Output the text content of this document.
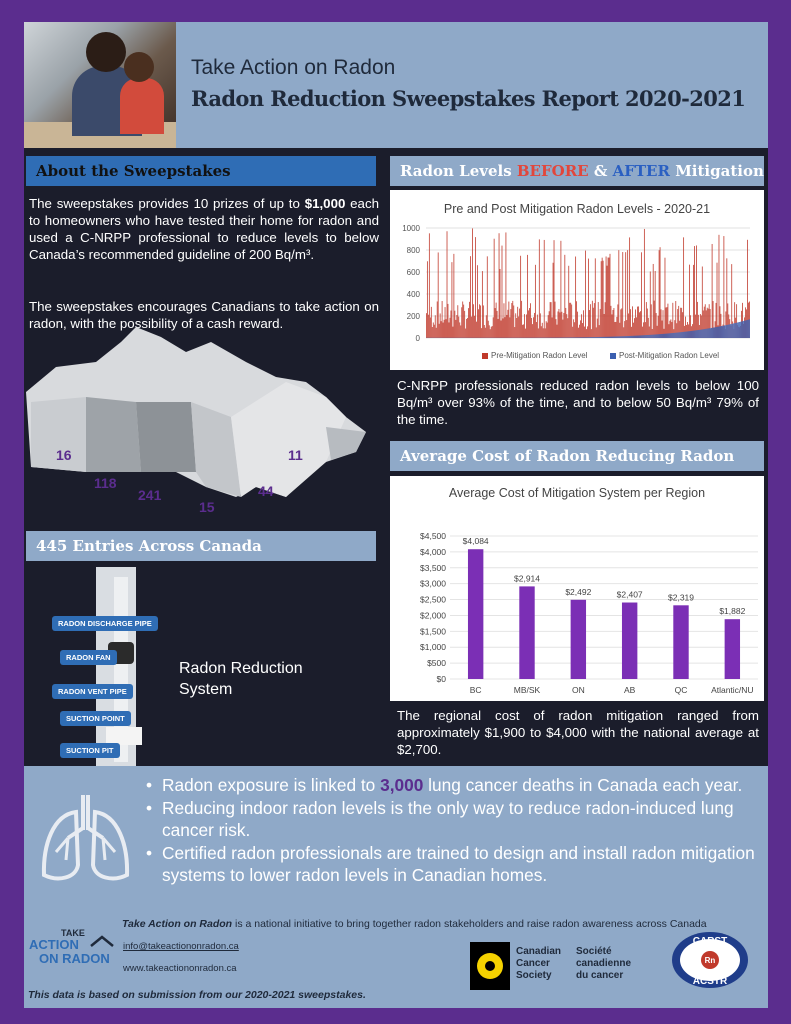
Take Action on Radon
Radon Reduction Sweepstakes Report 2020-2021
About the Sweepstakes
The sweepstakes provides 10 prizes of up to $1,000 each to homeowners who have tested their home for radon and used a C-NRPP professional to reduce levels to below Canada’s recommended guideline of 200 Bq/m³.
The sweepstakes encourages Canadians to take action on radon, with the possibility of a cash reward.
16
118
241
15
44
11
445 Entries Across Canada
RADON DISCHARGE PIPE
RADON FAN
RADON VENT PIPE
SUCTION POINT
SUCTION PIT
Radon Reduction System
Radon Levels BEFORE & AFTER Mitigation
Pre and Post Mitigation Radon Levels - 2020-21
1000
800
600
400
200
0
Pre-Mitigation Radon Level	Post-Mitigation Radon Level
C-NRPP professionals reduced radon levels to below 100 Bq/m³ over 93% of the time, and to below 50 Bq/m³ 79% of the time.
Average Cost of Radon Reducing Radon
Average Cost of Mitigation System per Region
$4,500
$4,000
$3,500
$3,000
$2,500
$2,000
$1,500
$1,000
$500
$0
$4,084
BC
$2,914
MB/SK
$2,492
ON
$2,407
AB
$2,319
QC
$1,882
Atlantic/NU
The regional cost of radon mitigation ranged from approximately $1,900 to $4,000 with the national average at $2,700.
• Radon exposure is linked to 3,000 lung cancer deaths in Canada each year.
• Reducing indoor radon levels is the only way to reduce radon-induced lung cancer risk.
• Certified radon professionals are trained to design and install radon mitigation systems to lower radon levels in Canadian homes.
Take Action on Radon is a national initiative to bring together radon stakeholders and raise radon awareness across Canada
info@takeactiononradon.ca
www.takeactiononradon.ca
This data is based on submission from our 2020-2021 sweepstakes.
TAKE
ACTION
ON RADON	Canadian
Cancer
Society
Société
canadienne
du cancer
Rn
CARST
ACSTR
